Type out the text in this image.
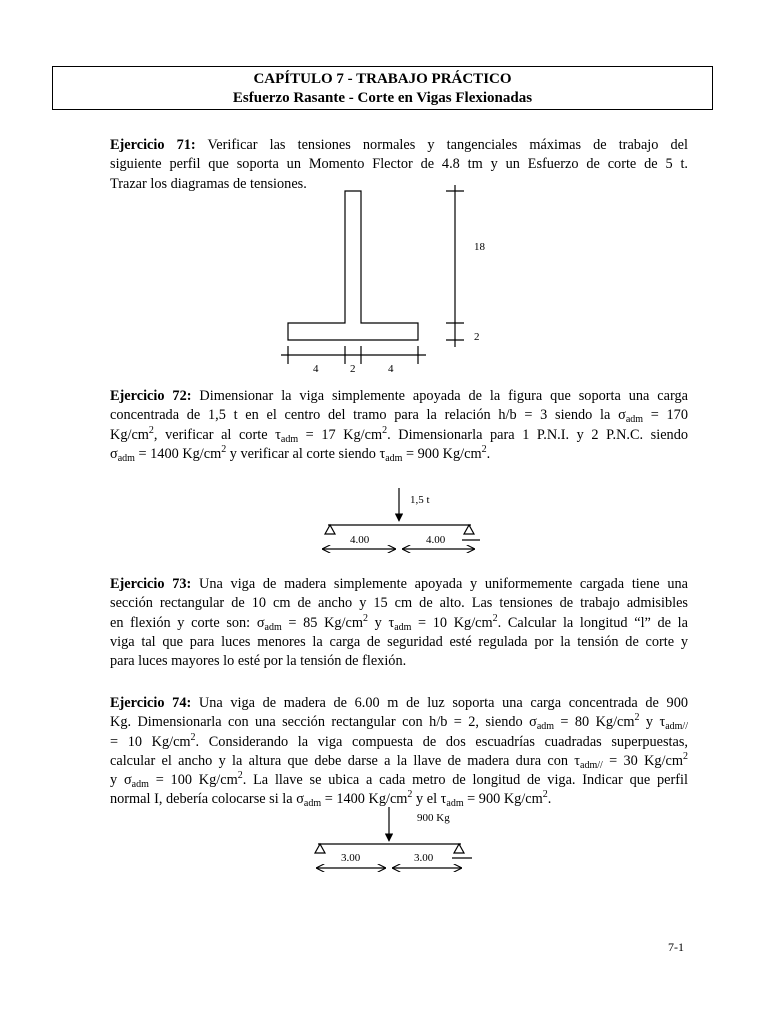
CAPÍTULO 7 - TRABAJO PRÁCTICO
Esfuerzo Rasante - Corte en Vigas Flexionadas
Ejercicio 71: Verificar las tensiones normales y tangenciales máximas de trabajo del
siguiente perfil que soporta un Momento Flector de 4.8 tm y un Esfuerzo de corte de 5 t.
Trazar los diagramas de tensiones.
Ejercicio 72: Dimensionar la viga simplemente apoyada de la figura que soporta una carga
concentrada de 1,5 t en el centro del tramo para la relación h/b = 3 siendo la $\sigma_{adm} = 170$
$Kg/cm^2$, verificar al corte $\tau_{adm} = 17$ $Kg/cm^2$. Dimensionarla para 1 P.N.I. y 2 P.N.C. siendo
$\sigma_{adm} = 1400$ $Kg/cm^2$ y verificar al corte siendo $\tau_{adm} = 900$ $Kg/cm^2$.
Ejercicio 73: Una viga de madera simplemente apoyada y uniformemente cargada tiene una
sección rectangular de 10 cm de ancho y 15 cm de alto. Las tensiones de trabajo admisibles
en flexión y corte son: $\sigma_{adm} = 85$ $Kg/cm^2$ y $\tau_{adm} = 10$ $Kg/cm^2$. Calcular la longitud “l” de la
viga tal que para luces menores la carga de seguridad esté regulada por la tensión de corte y
para luces mayores lo esté por la tensión de flexión.
Ejercicio 74: Una viga de madera de 6.00 m de luz soporta una carga concentrada de 900
Kg. Dimensionarla con una sección rectangular con h/b = 2, siendo $\sigma_{adm} = 80$ $Kg/cm^2$ y $\tau_{adm//}$
= 10 $Kg/cm^2$. Considerando la viga compuesta de dos escuadrías cuadradas superpuestas,
calcular el ancho y la altura que debe darse a la llave de madera dura con $\tau_{adm//} = 30$ $Kg/cm^2$
y $\sigma_{adm} = 100$ $Kg/cm^2$. La llave se ubica a cada metro de longitud de viga. Indicar que perfil
normal I, debería colocarse si la $\sigma_{adm} = 1400$ $Kg/cm^2$ y el $\tau_{adm} = 900$ $Kg/cm^2$.
18
2
4	2	4
1,5 t
4.00	4.00
900 Kg
3.00	3.00
7-1
